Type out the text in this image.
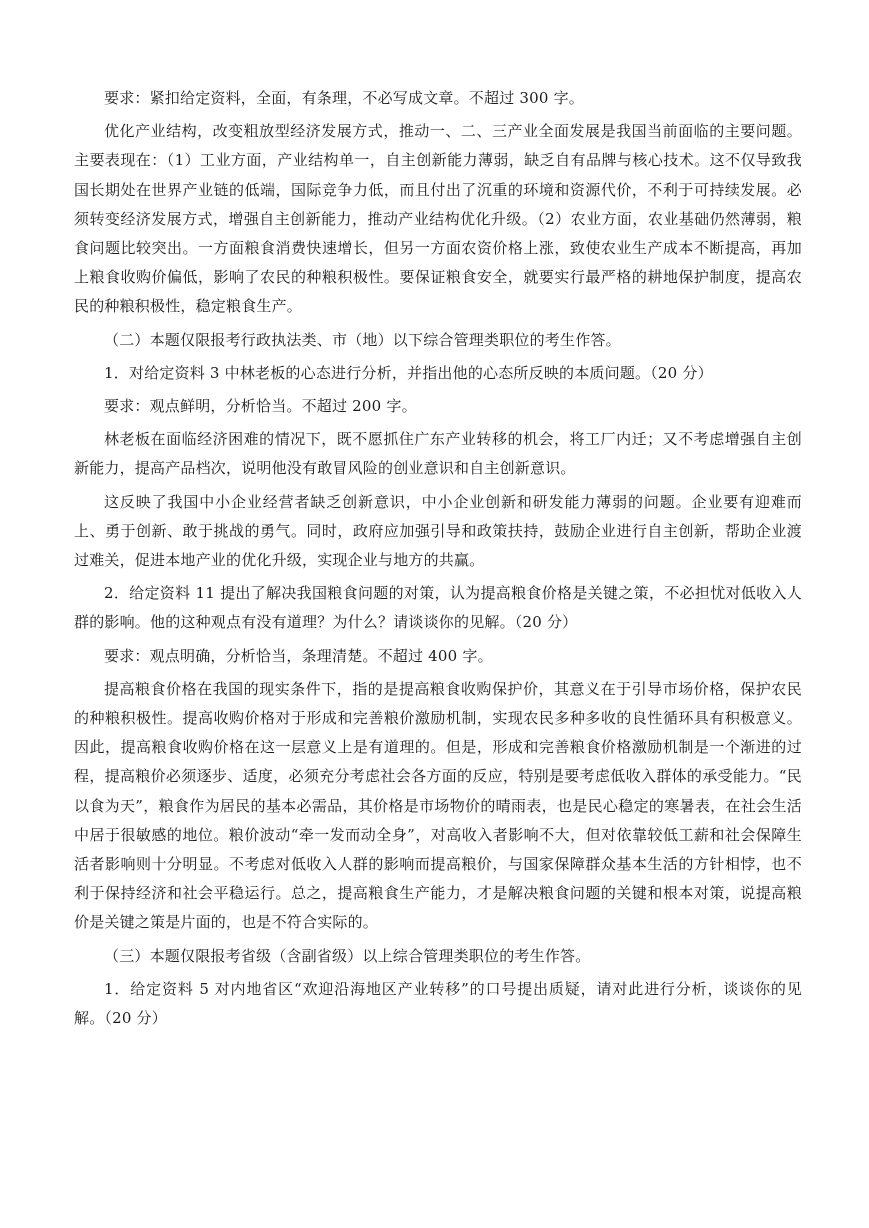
要求：紧扣给定资料，全面，有条理，不必写成文章。不超过 300 字。

优化产业结构，改变粗放型经济发展方式，推动一、二、三产业全面发展是我国当前面临的主要问题。主要表现在：（1）工业方面，产业结构单一，自主创新能力薄弱，缺乏自有品牌与核心技术。这不仅导致我国长期处在世界产业链的低端，国际竞争力低，而且付出了沉重的环境和资源代价，不利于可持续发展。必须转变经济发展方式，增强自主创新能力，推动产业结构优化升级。（2）农业方面，农业基础仍然薄弱，粮食问题比较突出。一方面粮食消费快速增长，但另一方面农资价格上涨，致使农业生产成本不断提高，再加上粮食收购价偏低，影响了农民的种粮积极性。要保证粮食安全，就要实行最严格的耕地保护制度，提高农民的种粮积极性，稳定粮食生产。

（二）本题仅限报考行政执法类、市（地）以下综合管理类职位的考生作答。

1．对给定资料 3 中林老板的心态进行分析，并指出他的心态所反映的本质问题。（20 分）

要求：观点鲜明，分析恰当。不超过 200 字。

林老板在面临经济困难的情况下，既不愿抓住广东产业转移的机会，将工厂内迁；又不考虑增强自主创新能力，提高产品档次，说明他没有敢冒风险的创业意识和自主创新意识。

这反映了我国中小企业经营者缺乏创新意识，中小企业创新和研发能力薄弱的问题。企业要有迎难而上、勇于创新、敢于挑战的勇气。同时，政府应加强引导和政策扶持，鼓励企业进行自主创新，帮助企业渡过难关，促进本地产业的优化升级，实现企业与地方的共赢。

2．给定资料 11 提出了解决我国粮食问题的对策，认为提高粮食价格是关键之策，不必担忧对低收入人群的影响。他的这种观点有没有道理？为什么？请谈谈你的见解。（20 分）

要求：观点明确，分析恰当，条理清楚。不超过 400 字。

提高粮食价格在我国的现实条件下，指的是提高粮食收购保护价，其意义在于引导市场价格，保护农民的种粮积极性。提高收购价格对于形成和完善粮价激励机制，实现农民多种多收的良性循环具有积极意义。因此，提高粮食收购价格在这一层意义上是有道理的。但是，形成和完善粮食价格激励机制是一个渐进的过程，提高粮价必须逐步、适度，必须充分考虑社会各方面的反应，特别是要考虑低收入群体的承受能力。“民以食为天”，粮食作为居民的基本必需品，其价格是市场物价的晴雨表，也是民心稳定的寒暑表，在社会生活中居于很敏感的地位。粮价波动“牵一发而动全身”，对高收入者影响不大，但对依靠较低工薪和社会保障生活者影响则十分明显。不考虑对低收入人群的影响而提高粮价，与国家保障群众基本生活的方针相悖，也不利于保持经济和社会平稳运行。总之，提高粮食生产能力，才是解决粮食问题的关键和根本对策，说提高粮价是关键之策是片面的，也是不符合实际的。

（三）本题仅限报考省级（含副省级）以上综合管理类职位的考生作答。

1．给定资料 5 对内地省区“欢迎沿海地区产业转移”的口号提出质疑，请对此进行分析，谈谈你的见解。（20 分）
